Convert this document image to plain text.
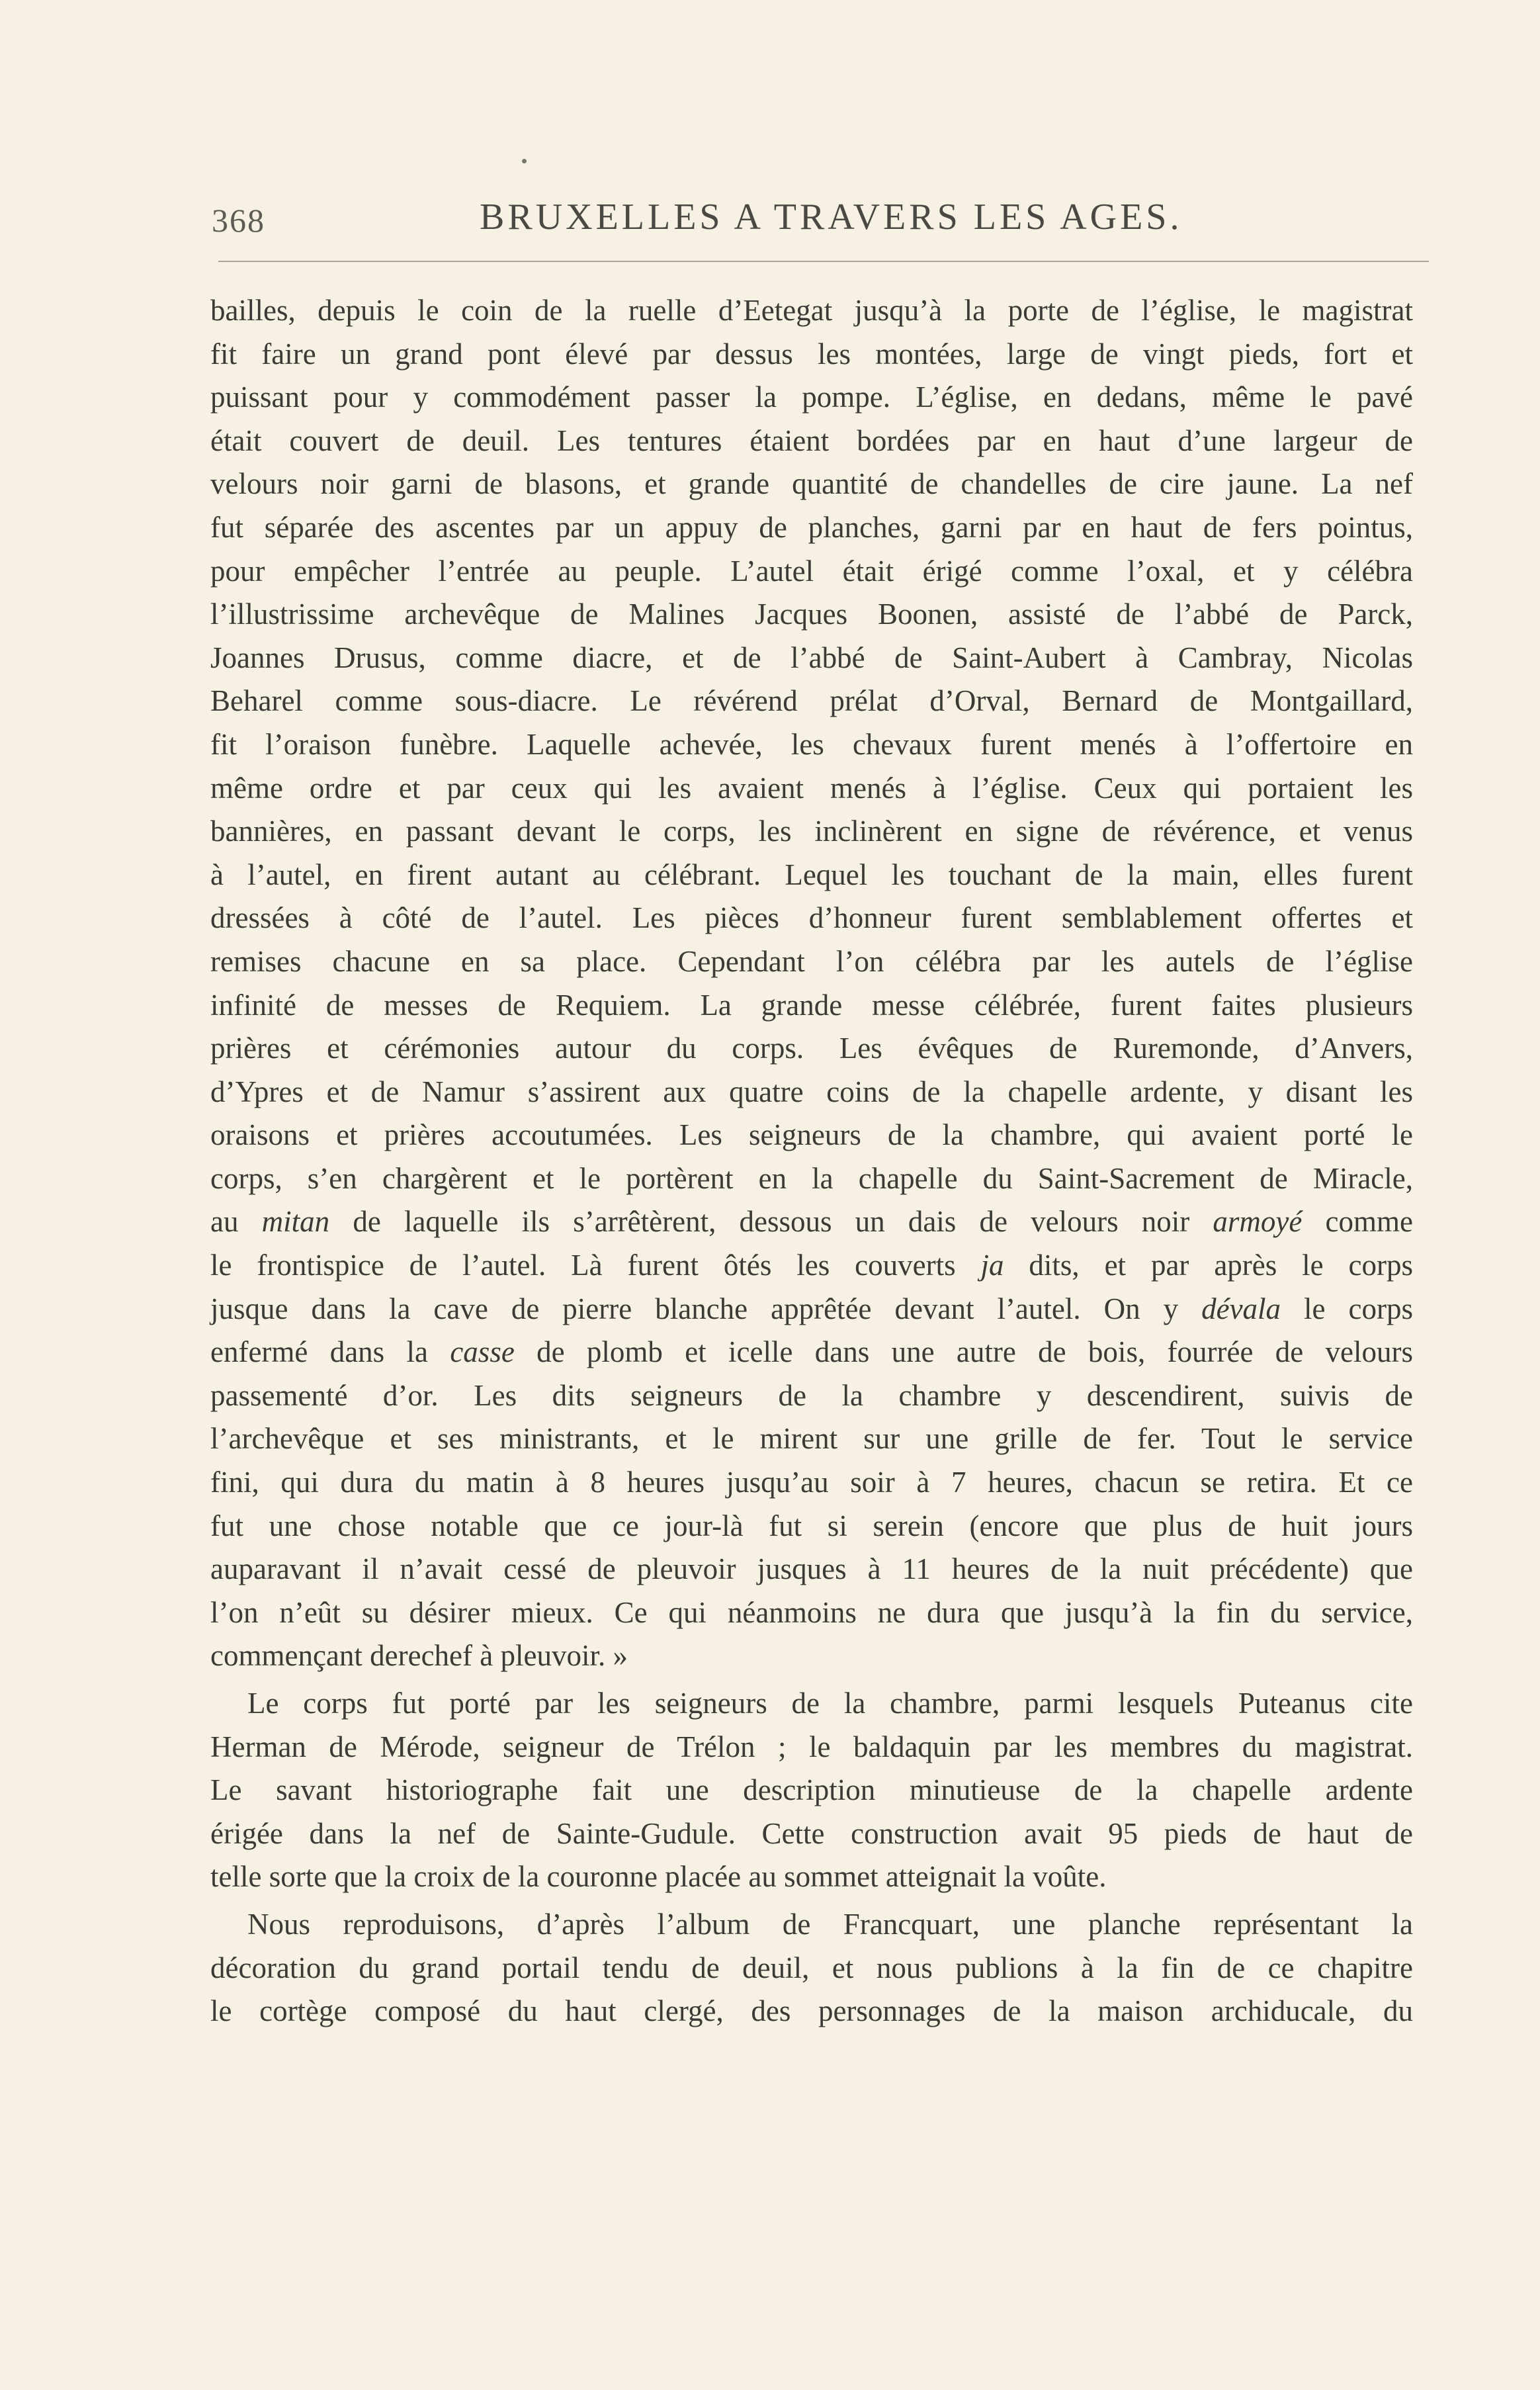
368	BRUXELLES A TRAVERS LES AGES.
bailles, depuis le coin de la ruelle d’Eetegat jusqu’à la porte de l’église, le magistrat
fit faire un grand pont élevé par dessus les montées, large de vingt pieds, fort et
puissant pour y commodément passer la pompe. L’église, en dedans, même le pavé
était couvert de deuil. Les tentures étaient bordées par en haut d’une largeur de
velours noir garni de blasons, et grande quantité de chandelles de cire jaune. La nef
fut séparée des ascentes par un appuy de planches, garni par en haut de fers pointus,
pour empêcher l’entrée au peuple. L’autel était érigé comme l’oxal, et y célébra
l’illustrissime archevêque de Malines Jacques Boonen, assisté de l’abbé de Parck,
Joannes Drusus, comme diacre, et de l’abbé de Saint-Aubert à Cambray, Nicolas
Beharel comme sous-diacre. Le révérend prélat d’Orval, Bernard de Montgaillard,
fit l’oraison funèbre. Laquelle achevée, les chevaux furent menés à l’offertoire en
même ordre et par ceux qui les avaient menés à l’église. Ceux qui portaient les
bannières, en passant devant le corps, les inclinèrent en signe de révérence, et venus
à l’autel, en firent autant au célébrant. Lequel les touchant de la main, elles furent
dressées à côté de l’autel. Les pièces d’honneur furent semblablement offertes et
remises chacune en sa place. Cependant l’on célébra par les autels de l’église
infinité de messes de Requiem. La grande messe célébrée, furent faites plusieurs
prières et cérémonies autour du corps. Les évêques de Ruremonde, d’Anvers,
d’Ypres et de Namur s’assirent aux quatre coins de la chapelle ardente, y disant les
oraisons et prières accoutumées. Les seigneurs de la chambre, qui avaient porté le
corps, s’en chargèrent et le portèrent en la chapelle du Saint-Sacrement de Miracle,
au mitan de laquelle ils s’arrêtèrent, dessous un dais de velours noir armoyé comme
le frontispice de l’autel. Là furent ôtés les couverts ja dits, et par après le corps
jusque dans la cave de pierre blanche apprêtée devant l’autel. On y dévala le corps
enfermé dans la casse de plomb et icelle dans une autre de bois, fourrée de velours
passementé d’or. Les dits seigneurs de la chambre y descendirent, suivis de
l’archevêque et ses ministrants, et le mirent sur une grille de fer. Tout le service
fini, qui dura du matin à 8 heures jusqu’au soir à 7 heures, chacun se retira. Et ce
fut une chose notable que ce jour-là fut si serein (encore que plus de huit jours
auparavant il n’avait cessé de pleuvoir jusques à 11 heures de la nuit précédente) que
l’on n’eût su désirer mieux. Ce qui néanmoins ne dura que jusqu’à la fin du service,
commençant derechef à pleuvoir. »
Le corps fut porté par les seigneurs de la chambre, parmi lesquels Puteanus cite
Herman de Mérode, seigneur de Trélon ; le baldaquin par les membres du magistrat.
Le savant historiographe fait une description minutieuse de la chapelle ardente
érigée dans la nef de Sainte-Gudule. Cette construction avait 95 pieds de haut de
telle sorte que la croix de la couronne placée au sommet atteignait la voûte.
Nous reproduisons, d’après l’album de Francquart, une planche représentant la
décoration du grand portail tendu de deuil, et nous publions à la fin de ce chapitre
le cortège composé du haut clergé, des personnages de la maison archiducale, du
